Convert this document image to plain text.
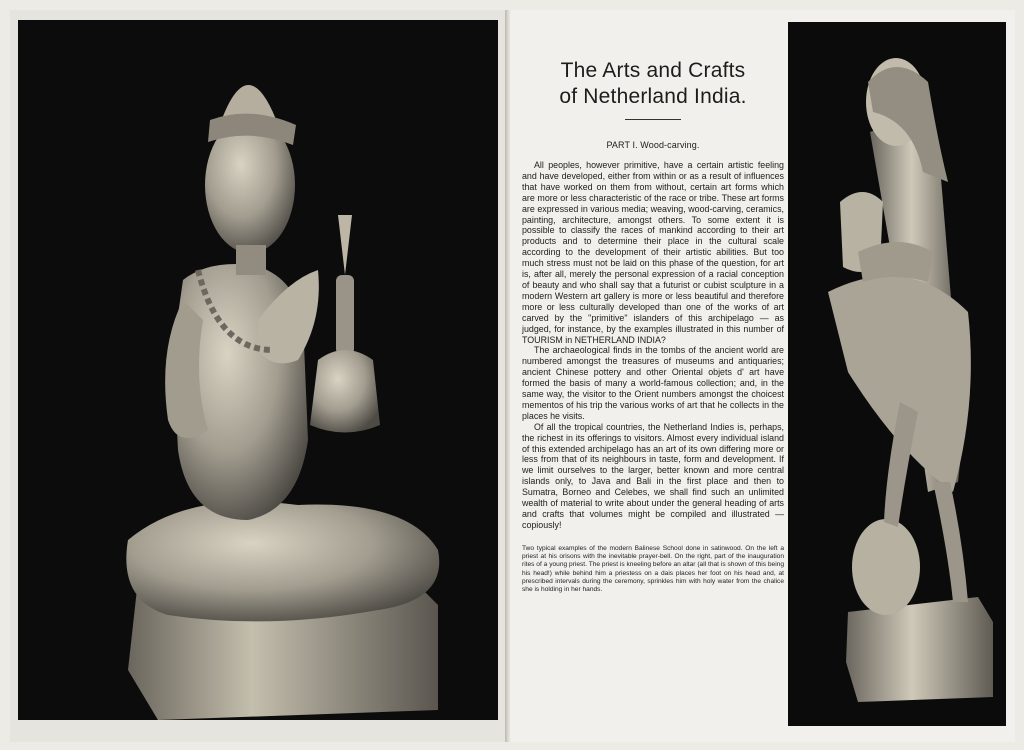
The Arts and Crafts
of Netherland India.
PART I. Wood-carving.

All peoples, however primitive, have a certain artistic feeling and have developed, either from within or as a result of influences that have worked on them from without, certain art forms which are more or less characteristic of the race or tribe. These art forms are expressed in various media; weaving, wood-carving, ceramics, painting, architecture, amongst others. To some extent it is possible to classify the races of mankind according to their art products and to determine their place in the cultural scale according to the development of their artistic abilities. But too much stress must not be laid on this phase of the question, for art is, after all, merely the personal expression of a racial conception of beauty and who shall say that a futurist or cubist sculpture in a modern Western art gallery is more or less beautiful and therefore more or less culturally developed than one of the works of art carved by the "primitive" islanders of this archipelago — as judged, for instance, by the examples illustrated in this number of TOURISM in NETHERLAND INDIA?

The archaeological finds in the tombs of the ancient world are numbered amongst the treasures of museums and antiquaries; ancient Chinese pottery and other Oriental objets d' art have formed the basis of many a world-famous collection; and, in the same way, the visitor to the Orient numbers amongst the choicest mementos of his trip the various works of art that he collects in the places he visits.

Of all the tropical countries, the Netherland Indies is, perhaps, the richest in its offerings to visitors. Almost every individual island of this extended archipelago has an art of its own differing more or less from that of its neighbours in taste, form and development. If we limit ourselves to the larger, better known and more central islands only, to Java and Bali in the first place and then to Sumatra, Borneo and Celebes, we shall find such an unlimited wealth of material to write about under the general heading of arts and crafts that volumes might be compiled and illustrated — copiously!

Two typical examples of the modern Balinese School done in satinwood. On the left a priest at his orisons with the inevitable prayer-bell. On the right, part of the inauguration rites of a young priest. The priest is kneeling before an altar (all that is shown of this being his head!) while behind him a priestess on a dais places her foot on his head and, at prescribed intervals during the ceremony, sprinkles him with holy water from the chalice she is holding in her hands.
